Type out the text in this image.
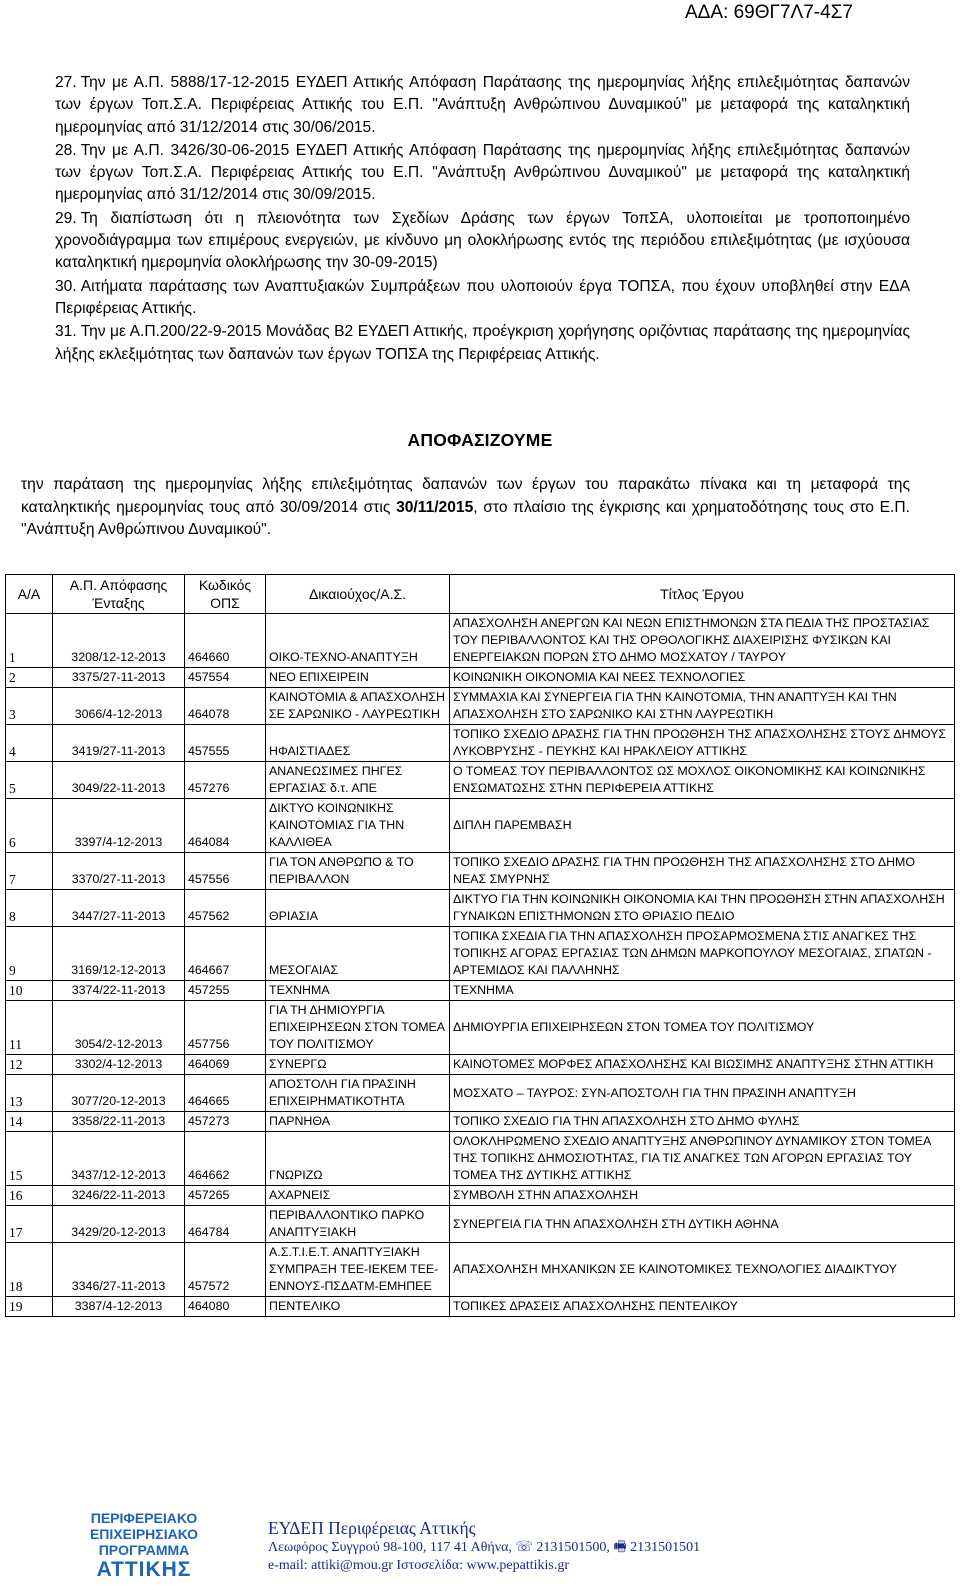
ΑΔΑ: 69ΘΓ7Λ7-4Σ7

27. Την με Α.Π. 5888/17-12-2015 ΕΥΔΕΠ Αττικής Απόφαση Παράτασης της ημερομηνίας λήξης επιλεξιμότητας δαπανών των έργων Τοπ.Σ.Α. Περιφέρειας Αττικής του Ε.Π. "Ανάπτυξη Ανθρώπινου Δυναμικού" με μεταφορά της καταληκτική ημερομηνίας από 31/12/2014 στις 30/06/2015.

28. Την με Α.Π. 3426/30-06-2015 ΕΥΔΕΠ Αττικής Απόφαση Παράτασης της ημερομηνίας λήξης επιλεξιμότητας δαπανών των έργων Τοπ.Σ.Α. Περιφέρειας Αττικής του Ε.Π. "Ανάπτυξη Ανθρώπινου Δυναμικού" με μεταφορά της καταληκτική ημερομηνίας από 31/12/2014 στις 30/09/2015.

29. Τη διαπίστωση ότι η πλειονότητα των Σχεδίων Δράσης των έργων ΤοπΣΑ, υλοποιείται με τροποποιημένο χρονοδιάγραμμα των επιμέρους ενεργειών, με κίνδυνο μη ολοκλήρωσης εντός της περιόδου επιλεξιμότητας (με ισχύουσα καταληκτική ημερομηνία ολοκλήρωσης την 30-09-2015)

30. Αιτήματα παράτασης των Αναπτυξιακών Συμπράξεων που υλοποιούν έργα ΤΟΠΣΑ, που έχουν υποβληθεί στην ΕΔΑ Περιφέρειας Αττικής.

31. Την με Α.Π.200/22-9-2015 Μονάδας Β2 ΕΥΔΕΠ Αττικής, προέγκριση χορήγησης οριζόντιας παράτασης της ημερομηνίας λήξης εκλεξιμότητας των δαπανών των έργων ΤΟΠΣΑ της Περιφέρειας Αττικής.

ΑΠΟΦΑΣΙΖΟΥΜΕ

την παράταση της ημερομηνίας λήξης επιλεξιμότητας δαπανών των έργων του παρακάτω πίνακα και τη μεταφορά της καταληκτικής ημερομηνίας τους από 30/09/2014 στις 30/11/2015, στο πλαίσιο της έγκρισης και χρηματοδότησης τους στο Ε.Π. "Ανάπτυξη Ανθρώπινου Δυναμικού".

Α/Α	Α.Π. Απόφασης Ένταξης	Κωδικός ΟΠΣ	Δικαιούχος/Α.Σ.	Τίτλος Έργου
1	3208/12-12-2013	464660	ΟΙΚΟ-ΤΕΧΝΟ-ΑΝΑΠΤΥΞΗ	ΑΠΑΣΧΟΛΗΣΗ ΑΝΕΡΓΩΝ ΚΑΙ ΝΕΩΝ ΕΠΙΣΤΗΜΟΝΩΝ ΣΤΑ ΠΕΔΙΑ ΤΗΣ ΠΡΟΣΤΑΣΙΑΣ ΤΟΥ ΠΕΡΙΒΑΛΛΟΝΤΟΣ ΚΑΙ ΤΗΣ ΟΡΘΟΛΟΓΙΚΗΣ ΔΙΑΧΕΙΡΙΣΗΣ ΦΥΣΙΚΩΝ ΚΑΙ ΕΝΕΡΓΕΙΑΚΩΝ ΠΟΡΩΝ ΣΤΟ ΔΗΜΟ ΜΟΣΧΑΤΟΥ / ΤΑΥΡΟΥ
2	3375/27-11-2013	457554	ΝΕΟ ΕΠΙΧΕΙΡΕΙΝ	ΚΟΙΝΩΝΙΚΗ ΟΙΚΟΝΟΜΙΑ ΚΑΙ ΝΕΕΣ ΤΕΧΝΟΛΟΓΙΕΣ
3	3066/4-12-2013	464078	ΚΑΙΝΟΤΟΜΙΑ & ΑΠΑΣΧΟΛΗΣΗ ΣΕ ΣΑΡΩΝΙΚΟ - ΛΑΥΡΕΩΤΙΚΗ	ΣΥΜΜΑΧΙΑ ΚΑΙ ΣΥΝΕΡΓΕΙΑ ΓΙΑ ΤΗΝ ΚΑΙΝΟΤΟΜΙΑ, ΤΗΝ ΑΝΑΠΤΥΞΗ ΚΑΙ ΤΗΝ ΑΠΑΣΧΟΛΗΣΗ ΣΤΟ ΣΑΡΩΝΙΚΟ ΚΑΙ ΣΤΗΝ ΛΑΥΡΕΩΤΙΚΗ
4	3419/27-11-2013	457555	ΗΦΑΙΣΤΙΑΔΕΣ	ΤΟΠΙΚΟ ΣΧΕΔΙΟ ΔΡΑΣΗΣ ΓΙΑ ΤΗΝ ΠΡΟΩΘΗΣΗ ΤΗΣ ΑΠΑΣΧΟΛΗΣΗΣ ΣΤΟΥΣ ΔΗΜΟΥΣ ΛΥΚΟΒΡΥΣΗΣ - ΠΕΥΚΗΣ ΚΑΙ ΗΡΑΚΛΕΙΟΥ ΑΤΤΙΚΗΣ
5	3049/22-11-2013	457276	ΑΝΑΝΕΩΣΙΜΕΣ ΠΗΓΕΣ ΕΡΓΑΣΙΑΣ δ.τ. ΑΠΕ	Ο ΤΟΜΕΑΣ ΤΟΥ ΠΕΡΙΒΑΛΛΟΝΤΟΣ ΩΣ ΜΟΧΛΟΣ ΟΙΚΟΝΟΜΙΚΗΣ ΚΑΙ ΚΟΙΝΩΝΙΚΗΣ ΕΝΣΩΜΑΤΩΣΗΣ ΣΤΗΝ ΠΕΡΙΦΕΡΕΙΑ ΑΤΤΙΚΗΣ
6	3397/4-12-2013	464084	ΔΙΚΤΥΟ ΚΟΙΝΩΝΙΚΗΣ ΚΑΙΝΟΤΟΜΙΑΣ ΓΙΑ ΤΗΝ ΚΑΛΛΙΘΕΑ	ΔΙΠΛΗ ΠΑΡΕΜΒΑΣΗ
7	3370/27-11-2013	457556	ΓΙΑ ΤΟΝ ΑΝΘΡΩΠΟ & ΤΟ ΠΕΡΙΒΑΛΛΟΝ	ΤΟΠΙΚΟ ΣΧΕΔΙΟ ΔΡΑΣΗΣ ΓΙΑ ΤΗΝ ΠΡΟΩΘΗΣΗ ΤΗΣ ΑΠΑΣΧΟΛΗΣΗΣ ΣΤΟ ΔΗΜΟ ΝΕΑΣ ΣΜΥΡΝΗΣ
8	3447/27-11-2013	457562	ΘΡΙΑΣΙΑ	ΔΙΚΤΥΟ ΓΙΑ ΤΗΝ ΚΟΙΝΩΝΙΚΗ ΟΙΚΟΝΟΜΙΑ ΚΑΙ ΤΗΝ ΠΡΟΩΘΗΣΗ ΣΤΗΝ ΑΠΑΣΧΟΛΗΣΗ ΓΥΝΑΙΚΩΝ ΕΠΙΣΤΗΜΟΝΩΝ ΣΤΟ ΘΡΙΑΣΙΟ ΠΕΔΙΟ
9	3169/12-12-2013	464667	ΜΕΣΟΓΑΙΑΣ	ΤΟΠΙΚΑ ΣΧΕΔΙΑ ΓΙΑ ΤΗΝ ΑΠΑΣΧΟΛΗΣΗ ΠΡΟΣΑΡΜΟΣΜΕΝΑ ΣΤΙΣ ΑΝΑΓΚΕΣ ΤΗΣ ΤΟΠΙΚΗΣ ΑΓΟΡΑΣ ΕΡΓΑΣΙΑΣ ΤΩΝ ΔΗΜΩΝ ΜΑΡΚΟΠΟΥΛΟΥ ΜΕΣΟΓΑΙΑΣ, ΣΠΑΤΩΝ - ΑΡΤΕΜΙΔΟΣ ΚΑΙ ΠΑΛΛΗΝΗΣ
10	3374/22-11-2013	457255	ΤΕΧΝΗΜΑ	ΤΕΧΝΗΜΑ
11	3054/2-12-2013	457756	ΓΙΑ ΤΗ ΔΗΜΙΟΥΡΓΙΑ ΕΠΙΧΕΙΡΗΣΕΩΝ ΣΤΟΝ ΤΟΜΕΑ ΤΟΥ ΠΟΛΙΤΙΣΜΟΥ	ΔΗΜΙΟΥΡΓΙΑ ΕΠΙΧΕΙΡΗΣΕΩΝ ΣΤΟΝ ΤΟΜΕΑ ΤΟΥ ΠΟΛΙΤΙΣΜΟΥ
12	3302/4-12-2013	464069	ΣΥΝΕΡΓΩ	ΚΑΙΝΟΤΟΜΕΣ ΜΟΡΦΕΣ ΑΠΑΣΧΟΛΗΣΗΣ ΚΑΙ ΒΙΩΣΙΜΗΣ ΑΝΑΠΤΥΞΗΣ ΣΤΗΝ ΑΤΤΙΚΗ
13	3077/20-12-2013	464665	ΑΠΟΣΤΟΛΗ ΓΙΑ ΠΡΑΣΙΝΗ ΕΠΙΧΕΙΡΗΜΑΤΙΚΟΤΗΤΑ	ΜΟΣΧΑΤΟ – ΤΑΥΡΟΣ: ΣΥΝ-ΑΠΟΣΤΟΛΗ ΓΙΑ ΤΗΝ ΠΡΑΣΙΝΗ ΑΝΑΠΤΥΞΗ
14	3358/22-11-2013	457273	ΠΑΡΝΗΘΑ	ΤΟΠΙΚΟ ΣΧΕΔΙΟ ΓΙΑ ΤΗΝ ΑΠΑΣΧΟΛΗΣΗ ΣΤΟ ΔΗΜΟ ΦΥΛΗΣ
15	3437/12-12-2013	464662	ΓΝΩΡΙΖΩ	ΟΛΟΚΛΗΡΩΜΕΝΟ ΣΧΕΔΙΟ ΑΝΑΠΤΥΞΗΣ ΑΝΘΡΩΠΙΝΟΥ ΔΥΝΑΜΙΚΟΥ ΣΤΟΝ ΤΟΜΕΑ ΤΗΣ ΤΟΠΙΚΗΣ ΔΗΜΟΣΙΟΤΗΤΑΣ, ΓΙΑ ΤΙΣ ΑΝΑΓΚΕΣ ΤΩΝ ΑΓΟΡΩΝ ΕΡΓΑΣΙΑΣ ΤΟΥ ΤΟΜΕΑ ΤΗΣ ΔΥΤΙΚΗΣ ΑΤΤΙΚΗΣ
16	3246/22-11-2013	457265	ΑΧΑΡΝΕΙΣ	ΣΥΜΒΟΛΗ ΣΤΗΝ ΑΠΑΣΧΟΛΗΣΗ
17	3429/20-12-2013	464784	ΠΕΡΙΒΑΛΛΟΝΤΙΚΟ ΠΑΡΚΟ ΑΝΑΠΤΥΞΙΑΚΗ	ΣΥΝΕΡΓΕΙΑ ΓΙΑ ΤΗΝ ΑΠΑΣΧΟΛΗΣΗ ΣΤΗ ΔΥΤΙΚΗ ΑΘΗΝΑ
18	3346/27-11-2013	457572	Α.Σ.Τ.Ι.Ε.Τ. ΑΝΑΠΤΥΞΙΑΚΗ ΣΥΜΠΡΑΞΗ ΤΕΕ-ΙΕΚΕΜ ΤΕΕ-ΕΝΝΟΥΣ-ΠΣΔΑΤΜ-ΕΜΗΠΕΕ	ΑΠΑΣΧΟΛΗΣΗ ΜΗΧΑΝΙΚΩΝ ΣΕ ΚΑΙΝΟΤΟΜΙΚΕΣ ΤΕΧΝΟΛΟΓΙΕΣ ΔΙΑΔΙΚΤΥΟΥ
19	3387/4-12-2013	464080	ΠΕΝΤΕΛΙΚΟ	ΤΟΠΙΚΕΣ ΔΡΑΣΕΙΣ ΑΠΑΣΧΟΛΗΣΗΣ ΠΕΝΤΕΛΙΚΟΥ
ΠΕΡΙΦΕΡΕΙΑΚΟ
ΕΠΙΧΕΙΡΗΣΙΑΚΟ
ΠΡΟΓΡΑΜΜΑ
ΑΤΤΙΚΗΣ
ΕΥΔΕΠ Περιφέρειας Αττικής
Λεωφόρος Συγγρού 98-100, 117 41 Αθήνα, ☏ 2131501500, 🖷 2131501501
e-mail: attiki@mou.gr Ιστοσελίδα: www.pepattikis.gr
